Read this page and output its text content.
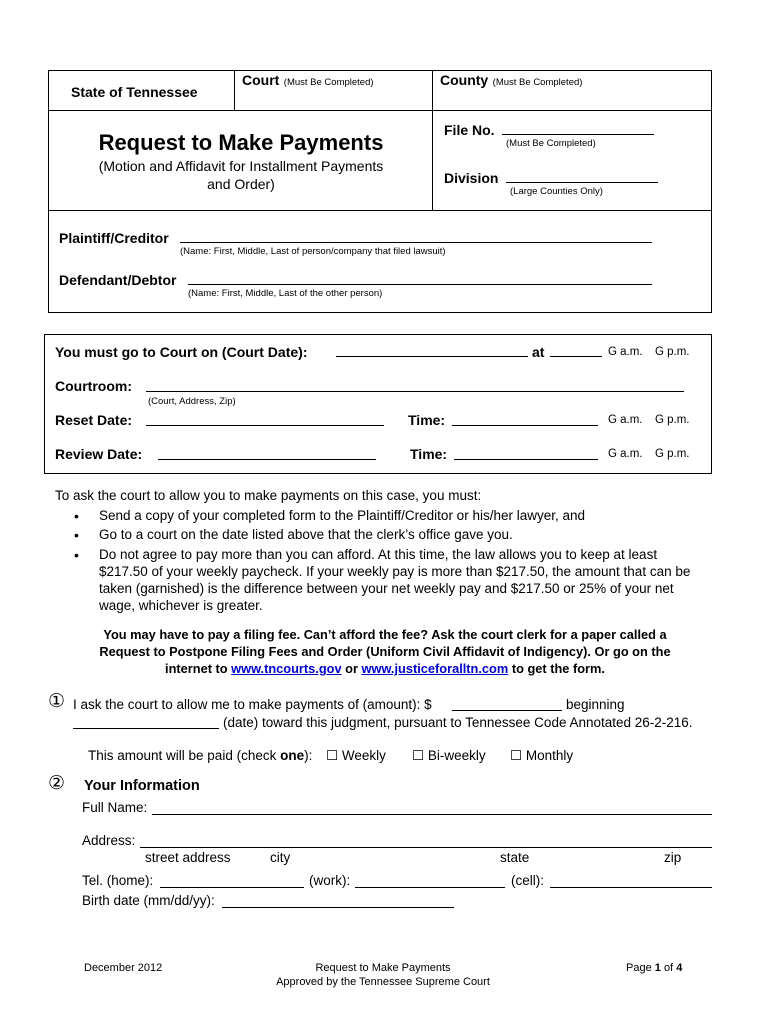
State of Tennessee
Court (Must Be Completed)	County (Must Be Completed)
Request to Make Payments
(Motion and Affidavit for Installment Payments
and Order)
File No.
(Must Be Completed)
Division
(Large Counties Only)
Plaintiff/Creditor
(Name: First, Middle, Last of person/company that filed lawsuit)
Defendant/Debtor
(Name: First, Middle, Last of the other person)
You must go to Court on (Court Date):	at	G a.m. G p.m.
Courtroom:
(Court, Address, Zip)
Reset Date:	Time:	G a.m. G p.m.
Review Date:	Time:	G a.m. G p.m.
To ask the court to allow you to make payments on this case, you must:
• Send a copy of your completed form to the Plaintiff/Creditor or his/her lawyer, and
• Go to a court on the date listed above that the clerk’s office gave you.
• Do not agree to pay more than you can afford. At this time, the law allows you to keep at least
$217.50 of your weekly paycheck. If your weekly pay is more than $217.50, the amount that can be
taken (garnished) is the difference between your net weekly pay and $217.50 or 25% of your net
wage, whichever is greater.
You may have to pay a filing fee. Can’t afford the fee? Ask the court clerk for a paper called a
Request to Postpone Filing Fees and Order (Uniform Civil Affidavit of Indigency). Or go on the
internet to www.tncourts.gov or www.justiceforalltn.com to get the form.
① I ask the court to allow me to make payments of (amount): $	beginning
(date) toward this judgment, pursuant to Tennessee Code Annotated 26-2-216.
This amount will be paid (check one): ☐ Weekly ☐ Bi-weekly ☐ Monthly
② Your Information
Full Name:
Address:
street address	city	state	zip
Tel. (home):	(work):	(cell):
Birth date (mm/dd/yy):
December 2012	Request to Make Payments
Approved by the Tennessee Supreme Court
Page 1 of 4
